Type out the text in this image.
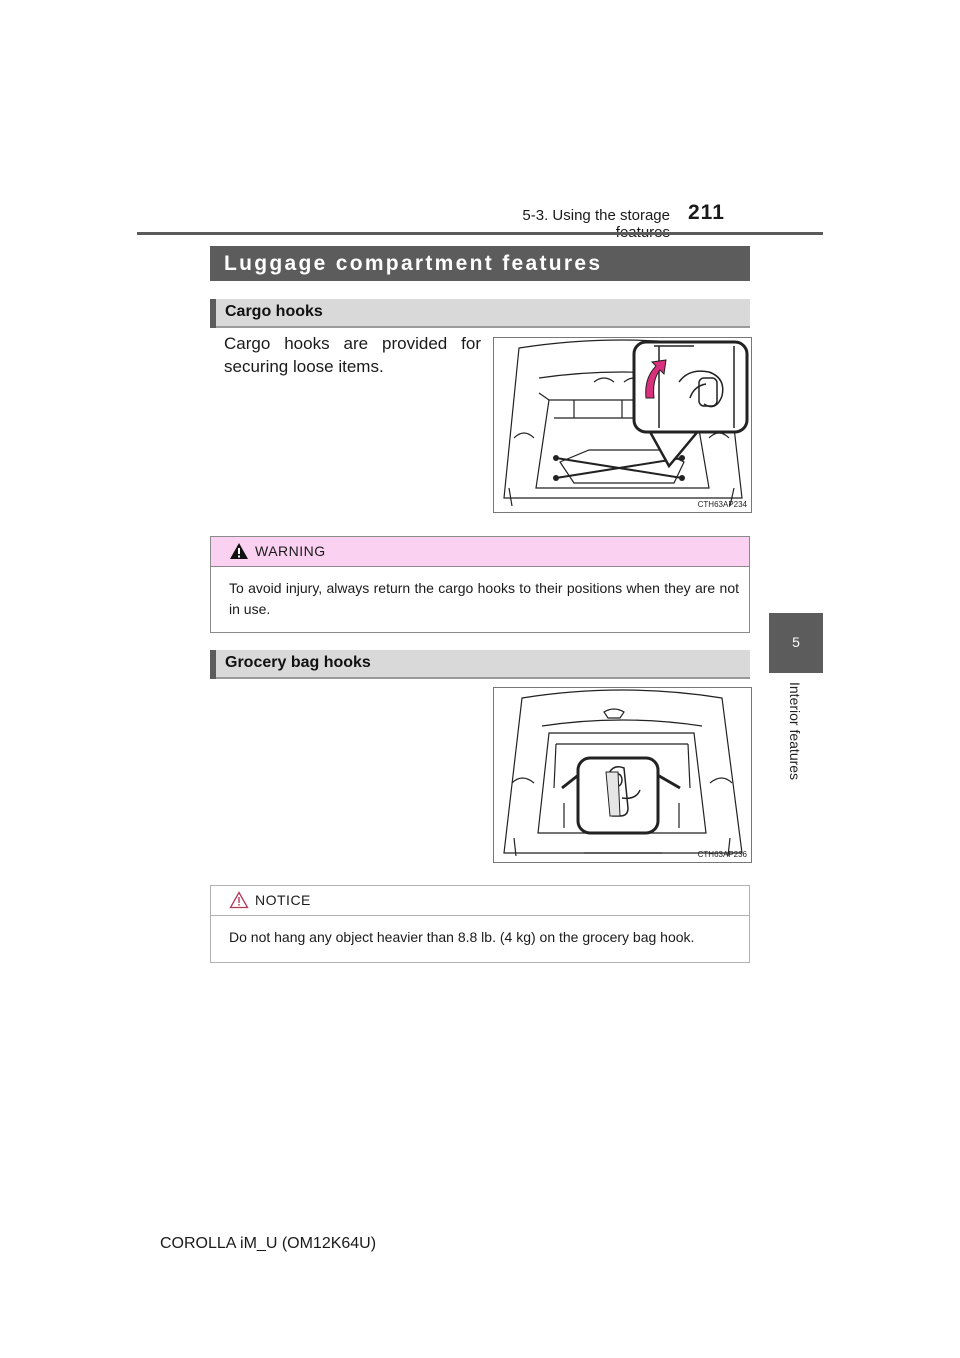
5-3. Using the storage 211
5
Interior features
Luggage compartment features
Cargo hooks
Cargo hooks are provided for securing loose items.
CTH63AP234
WARNING
To avoid injury, always return the cargo hooks to their positions when they are not in use.
Grocery bag hooks
CTH63AP236
NOTICE
Do not hang any object heavier than 8.8 lb. (4 kg) on the grocery bag hook.
COROLLA iM_U (OM12K64U)
